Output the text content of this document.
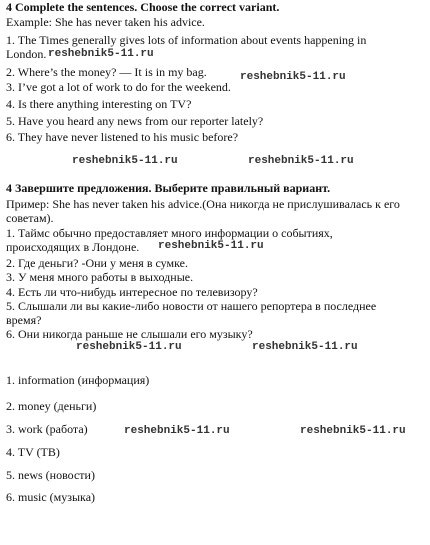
4 Complete the sentences. Choose the correct variant.
Example: She has never taken his advice.
1. The Times generally gives lots of information about events happening in
London. reshebnik5-11.ru
2. Where’s the money? — It is in my bag.	reshebnik5-11.ru
3. I’ve got a lot of work to do for the weekend.
4. Is there anything interesting on TV?
5. Have you heard any news from our reporter lately?
6. They have never listened to his music before?
reshebnik5-11.ru	reshebnik5-11.ru
4 Завершите предложения. Выберите правильный вариант.
Пример: She has never taken his advice.(Она никогда не прислушивалась к его
советам).
1. Таймс обычно предоставляет много информации о событиях,
происходящих в Лондоне. reshebnik5-11.ru
2. Где деньги? -Они у меня в сумке.
3. У меня много работы в выходные.
4. Есть ли что-нибудь интересное по телевизору?
5. Слышали ли вы какие-либо новости от нашего репортера в последнее
время?
6. Они никогда раньше не слышали его музыку?
reshebnik5-11.ru	reshebnik5-11.ru
1. information (информация)
2. money (деньги)
3. work (работа)	reshebnik5-11.ru	reshebnik5-11.ru
4. TV (ТВ)
5. news (новости)
6. music (музыка)
